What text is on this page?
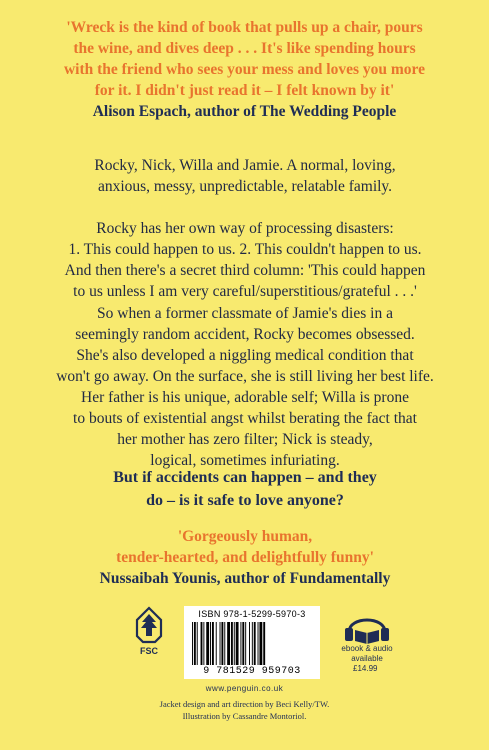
'Wreck is the kind of book that pulls up a chair, pours
the wine, and dives deep . . . It's like spending hours
with the friend who sees your mess and loves you more
for it. I didn't just read it – I felt known by it'
Alison Espach, author of The Wedding People
Rocky, Nick, Willa and Jamie. A normal, loving,
anxious, messy, unpredictable, relatable family.
Rocky has her own way of processing disasters:
1. This could happen to us. 2. This couldn't happen to us.
And then there's a secret third column: 'This could happen
to us unless I am very careful/superstitious/grateful . . .'
So when a former classmate of Jamie's dies in a
seemingly random accident, Rocky becomes obsessed.
She's also developed a niggling medical condition that
won't go away. On the surface, she is still living her best life.
Her father is his unique, adorable self; Willa is prone
to bouts of existential angst whilst berating the fact that
her mother has zero filter; Nick is steady,
logical, sometimes infuriating.
But if accidents can happen – and they
do – is it safe to love anyone?
'Gorgeously human,
tender-hearted, and delightfully funny'
Nussaibah Younis, author of Fundamentally
FSC
ISBN 978-1-5299-5970-3
9 781529 959703
ebook & audio
available
£14.99
www.penguin.co.uk
Jacket design and art direction by Beci Kelly/TW.
Illustration by Cassandre Montoriol.
